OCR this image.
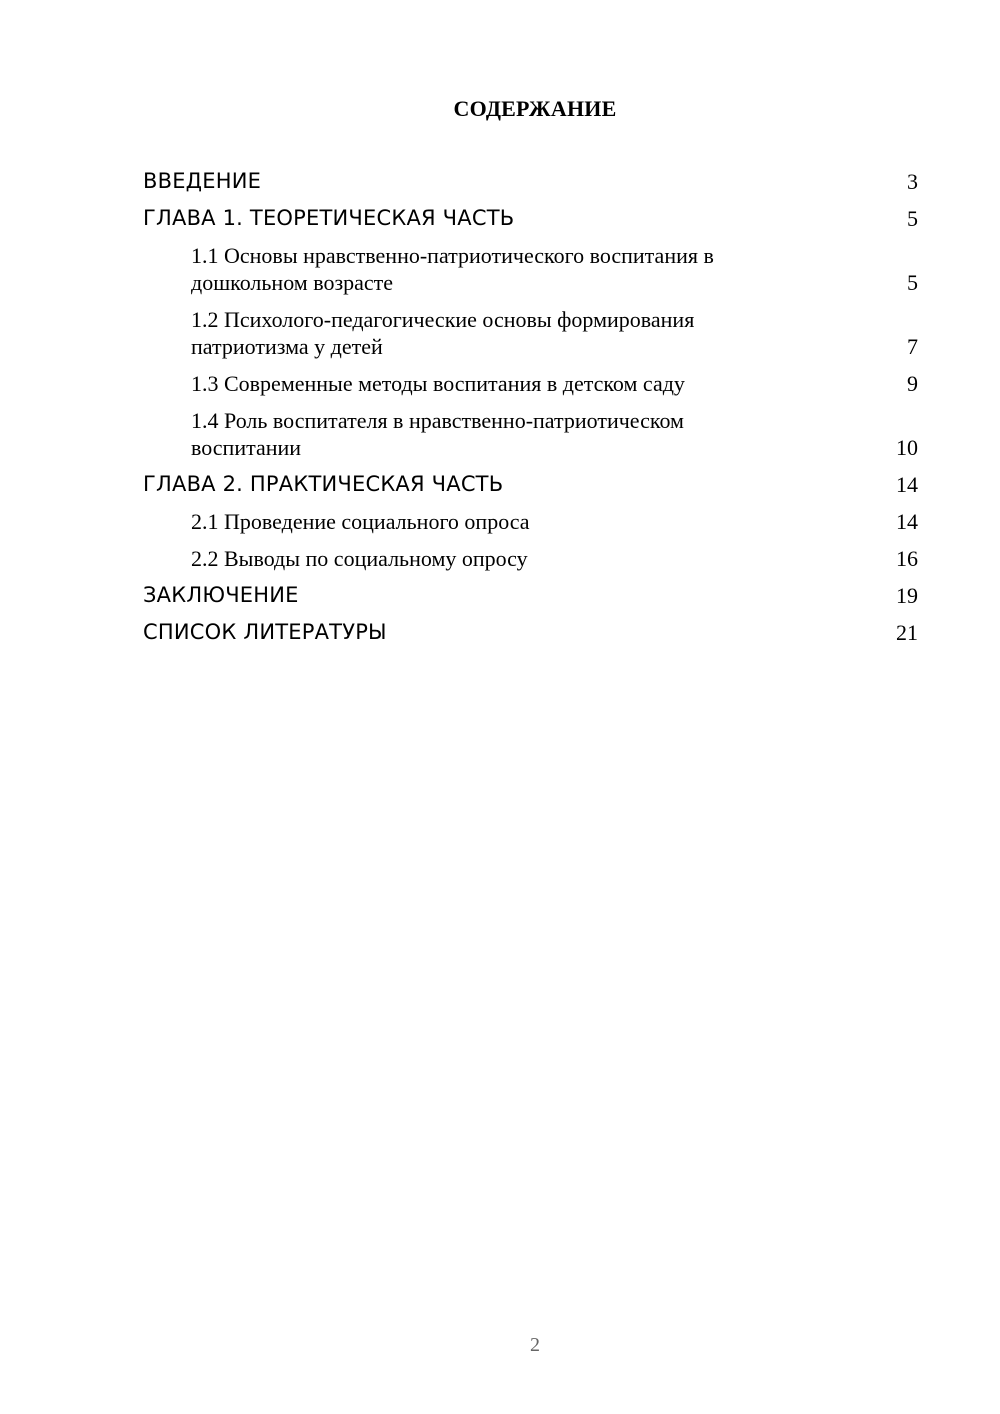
СОДЕРЖАНИЕ
ВВЕДЕНИЕ	3
ГЛАВА 1. ТЕОРЕТИЧЕСКАЯ ЧАСТЬ	5
1.1 Основы нравственно-патриотического воспитания в дошкольном возрасте	5
1.2 Психолого-педагогические основы формирования патриотизма у детей	7
1.3 Современные методы воспитания в детском саду	9
1.4 Роль воспитателя в нравственно-патриотическом воспитании	10
ГЛАВА 2. ПРАКТИЧЕСКАЯ ЧАСТЬ	14
2.1 Проведение социального опроса	14
2.2 Выводы по социальному опросу	16
ЗАКЛЮЧЕНИЕ	19
СПИСОК ЛИТЕРАТУРЫ	21
2
